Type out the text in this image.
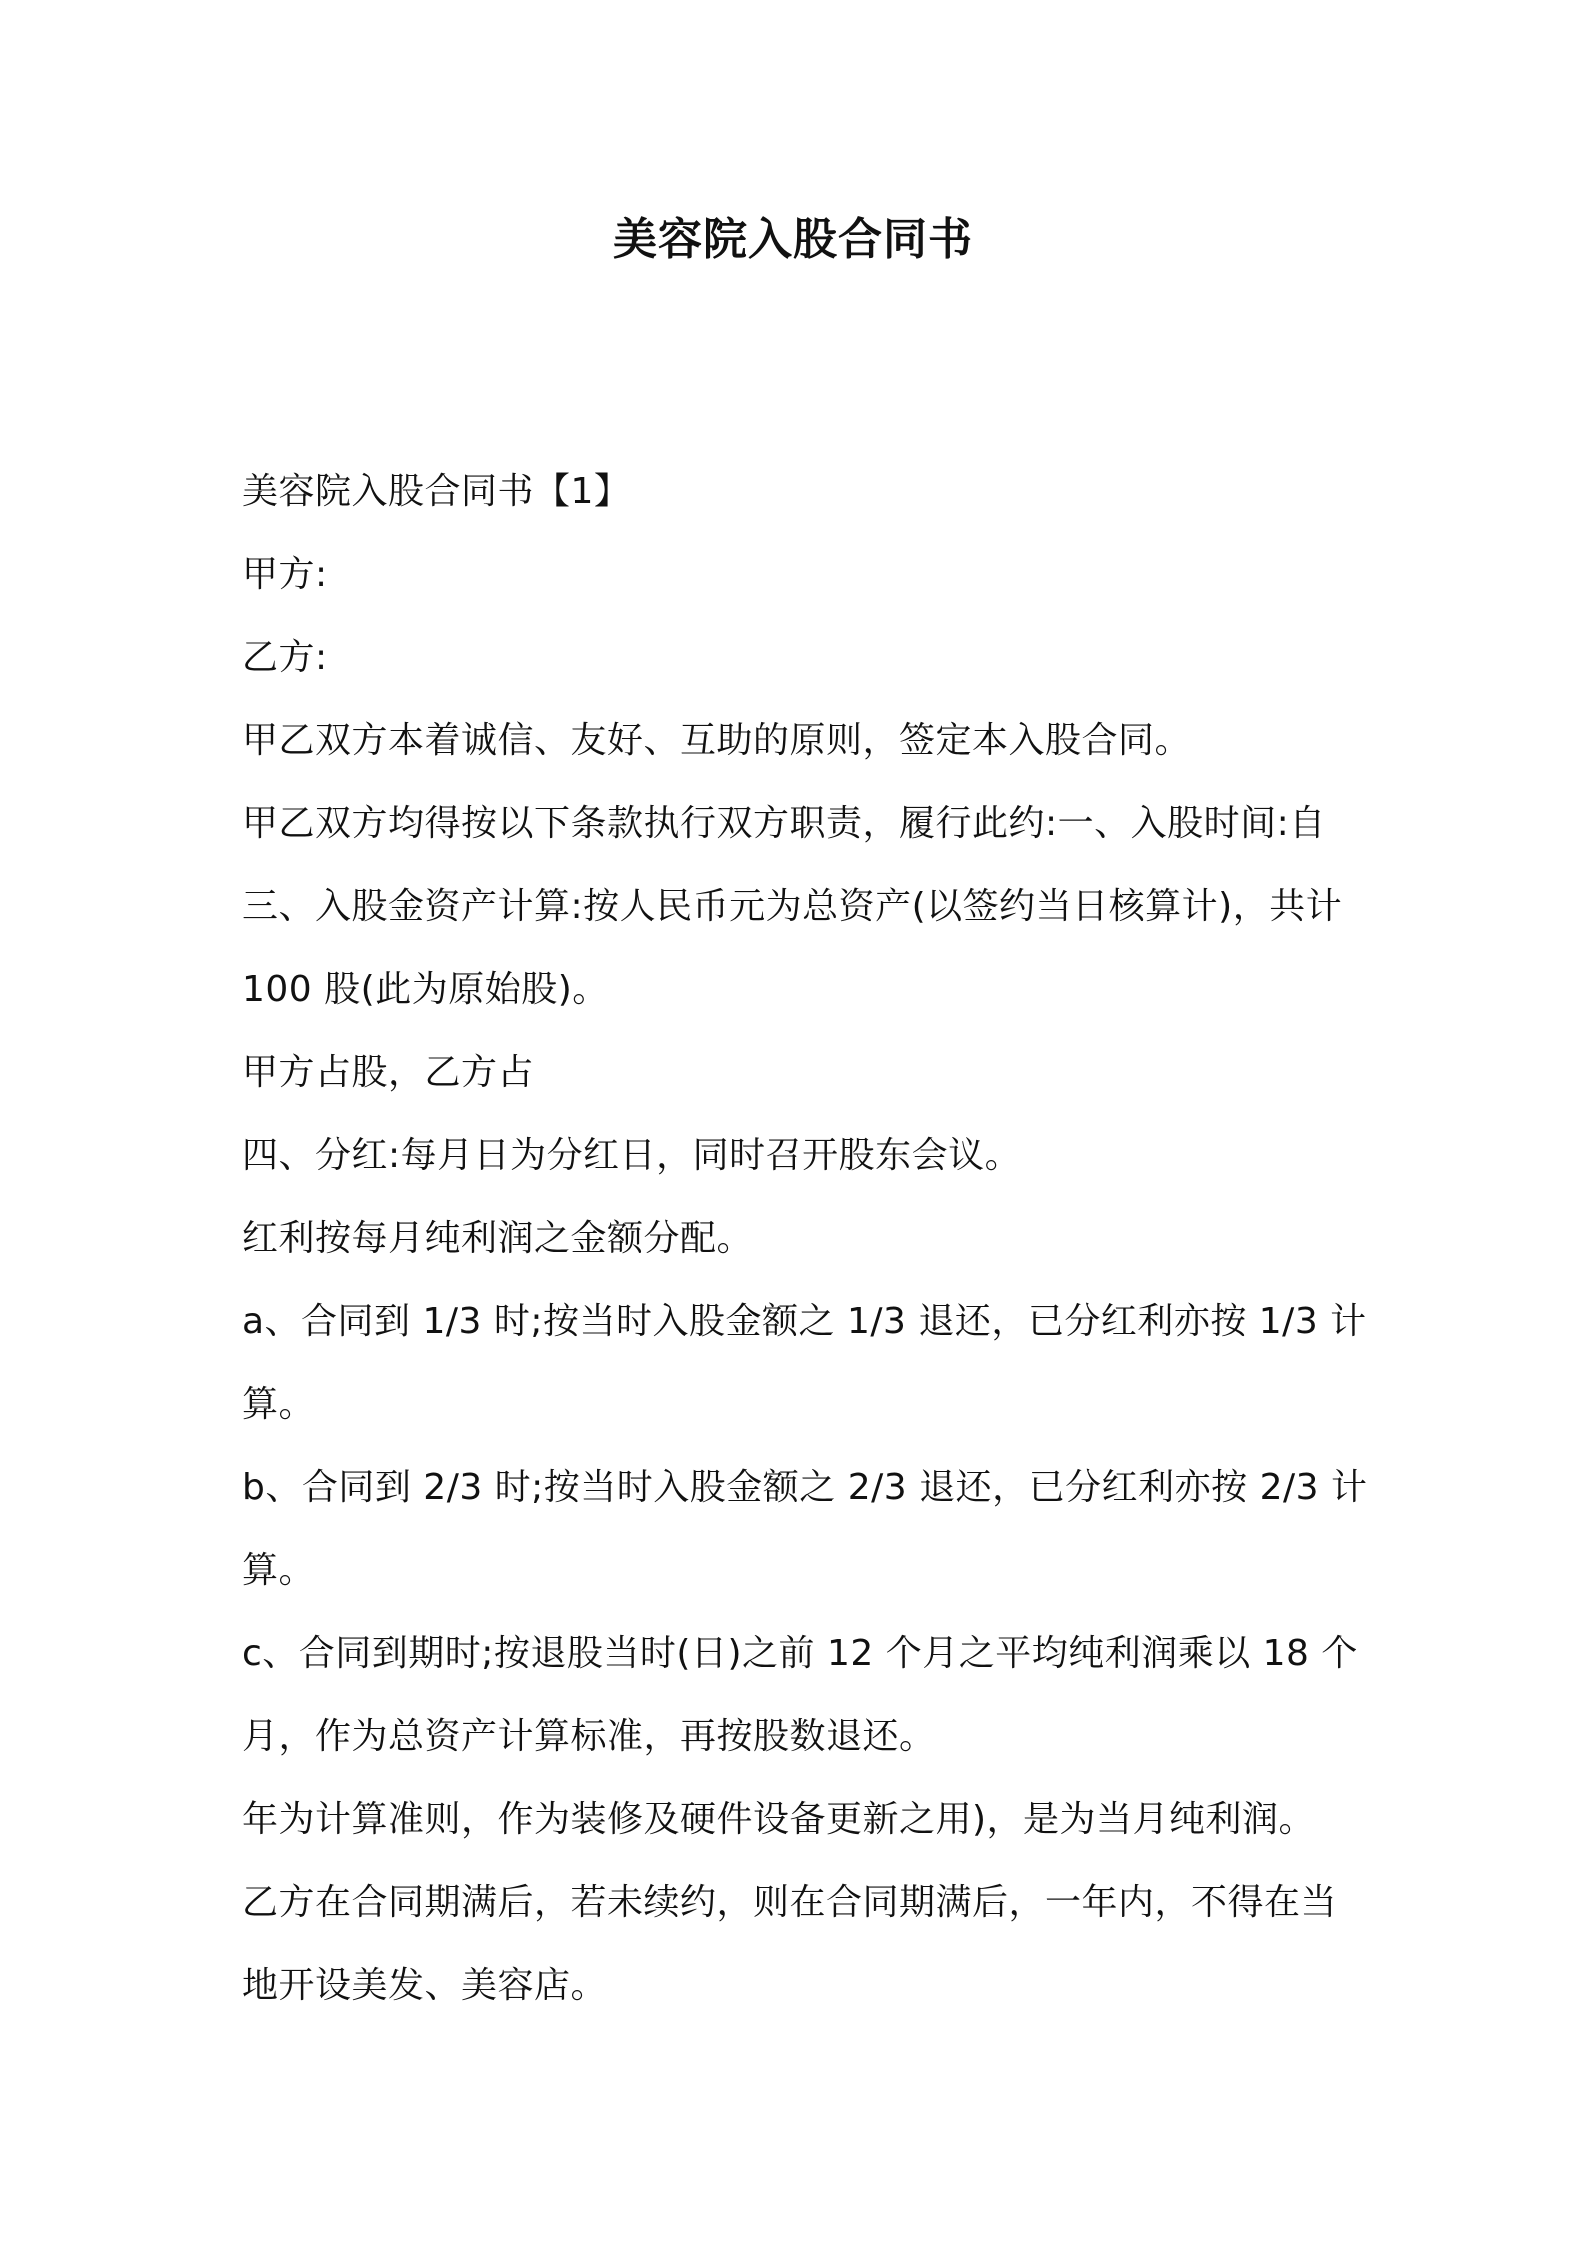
美容院入股合同书

美容院入股合同书【1】

甲方:

乙方:

甲乙双方本着诚信、友好、互助的原则，签定本入股合同。

甲乙双方均得按以下条款执行双方职责，履行此约:一、入股时间:自

三、入股金资产计算:按人民币元为总资产(以签约当日核算计)，共计

100 股(此为原始股)。

甲方占股，乙方占

四、分红:每月日为分红日，同时召开股东会议。

红利按每月纯利润之金额分配。

a、合同到 1/3 时;按当时入股金额之 1/3 退还，已分红利亦按 1/3 计

算。

b、合同到 2/3 时;按当时入股金额之 2/3 退还，已分红利亦按 2/3 计

算。

c、合同到期时;按退股当时(日)之前 12 个月之平均纯利润乘以 18 个

月，作为总资产计算标准，再按股数退还。

年为计算准则，作为装修及硬件设备更新之用)，是为当月纯利润。

乙方在合同期满后，若未续约，则在合同期满后，一年内，不得在当

地开设美发、美容店。
